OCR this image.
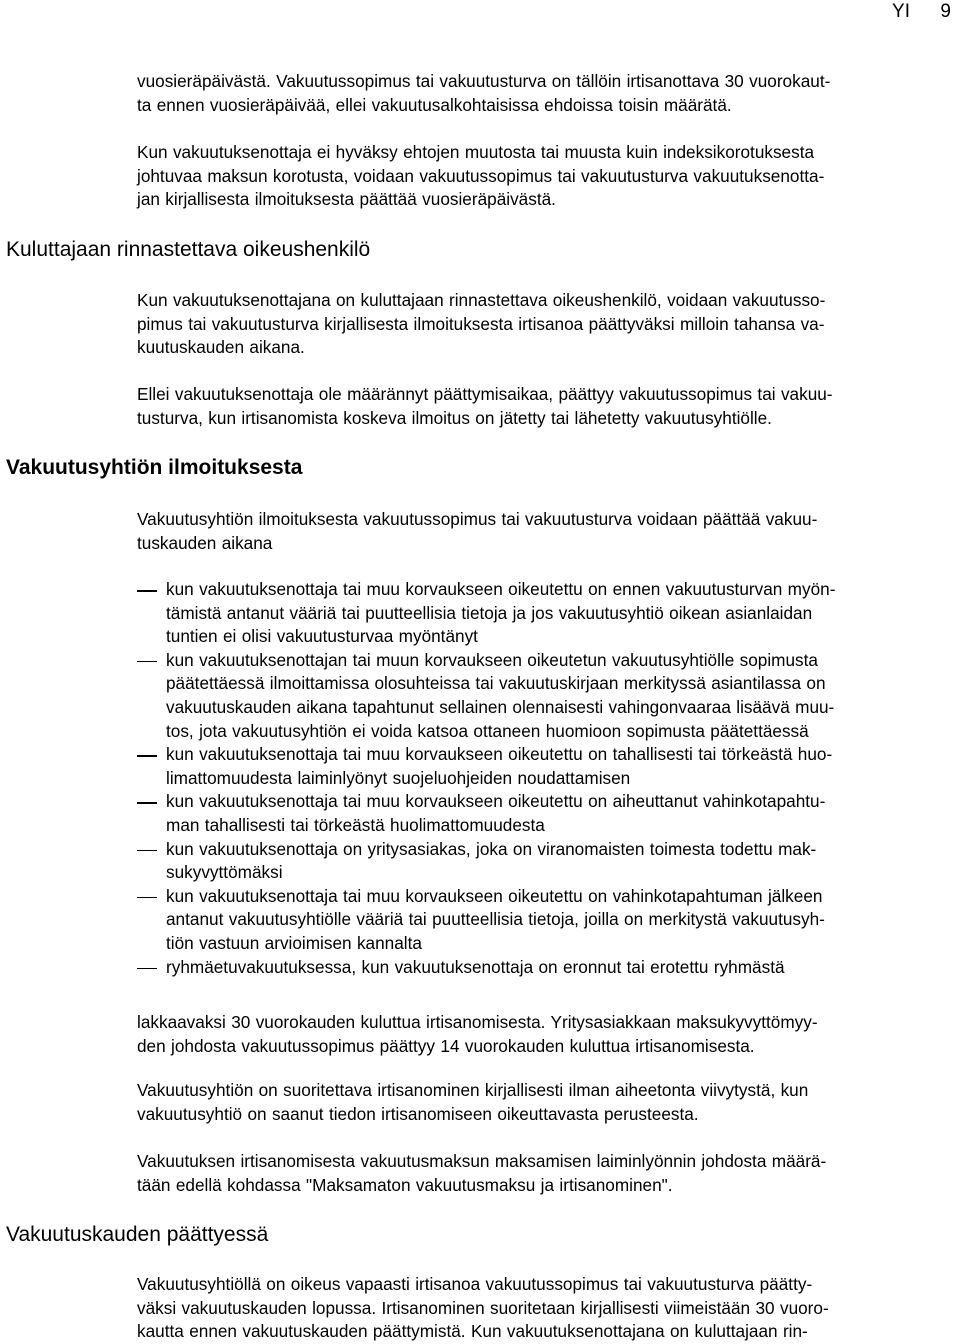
YI 9

vuosieräpäivästä. Vakuutussopimus tai vakuutusturva on tällöin irtisanottava 30 vuorokaut-
ta ennen vuosieräpäivää, ellei vakuutusalkohtaisissa ehdoissa toisin määrätä.

Kun vakuutuksenottaja ei hyväksy ehtojen muutosta tai muusta kuin indeksikorotuksesta
johtuvaa maksun korotusta, voidaan vakuutussopimus tai vakuutusturva vakuutuksenotta-
jan kirjallisesta ilmoituksesta päättää vuosieräpäivästä.

Kuluttajaan rinnastettava oikeushenkilö

Kun vakuutuksenottajana on kuluttajaan rinnastettava oikeushenkilö, voidaan vakuutusso-
pimus tai vakuutusturva kirjallisesta ilmoituksesta irtisanoa päättyväksi milloin tahansa va-
kuutuskauden aikana.

Ellei vakuutuksenottaja ole määrännyt päättymisaikaa, päättyy vakuutussopimus tai vakuu-
tusturva, kun irtisanomista koskeva ilmoitus on jätetty tai lähetetty vakuutusyhtiölle.

Vakuutusyhtiön ilmoituksesta

Vakuutusyhtiön ilmoituksesta vakuutussopimus tai vakuutusturva voidaan päättää vakuu-
tuskauden aikana

kun vakuutuksenottaja tai muu korvaukseen oikeutettu on ennen vakuutusturvan myön-
tämistä antanut vääriä tai puutteellisia tietoja ja jos vakuutusyhtiö oikean asianlaidan
tuntien ei olisi vakuutusturvaa myöntänyt
kun vakuutuksenottajan tai muun korvaukseen oikeutetun vakuutusyhtiölle sopimusta
päätettäessä ilmoittamissa olosuhteissa tai vakuutuskirjaan merkityssä asiantilassa on
vakuutuskauden aikana tapahtunut sellainen olennaisesti vahingonvaaraa lisäävä muu-
tos, jota vakuutusyhtiön ei voida katsoa ottaneen huomioon sopimusta päätettäessä
kun vakuutuksenottaja tai muu korvaukseen oikeutettu on tahallisesti tai törkeästä huo-
limattomuudesta laiminlyönyt suojeluohjeiden noudattamisen
kun vakuutuksenottaja tai muu korvaukseen oikeutettu on aiheuttanut vahinkotapahtu-
man tahallisesti tai törkeästä huolimattomuudesta
kun vakuutuksenottaja on yritysasiakas, joka on viranomaisten toimesta todettu mak-
sukyvyttömäksi
kun vakuutuksenottaja tai muu korvaukseen oikeutettu on vahinkotapahtuman jälkeen
antanut vakuutusyhtiölle vääriä tai puutteellisia tietoja, joilla on merkitystä vakuutusyh-
tiön vastuun arvioimisen kannalta
ryhmäetuvakuutuksessa, kun vakuutuksenottaja on eronnut tai erotettu ryhmästä

lakkaavaksi 30 vuorokauden kuluttua irtisanomisesta. Yritysasiakkaan maksukyvyttömyy-
den johdosta vakuutussopimus päättyy 14 vuorokauden kuluttua irtisanomisesta.

Vakuutusyhtiön on suoritettava irtisanominen kirjallisesti ilman aiheetonta viivytystä, kun
vakuutusyhtiö on saanut tiedon irtisanomiseen oikeuttavasta perusteesta.

Vakuutuksen irtisanomisesta vakuutusmaksun maksamisen laiminlyönnin johdosta määrä-
tään edellä kohdassa "Maksamaton vakuutusmaksu ja irtisanominen".

Vakuutuskauden päättyessä

Vakuutusyhtiöllä on oikeus vapaasti irtisanoa vakuutussopimus tai vakuutusturva päätty-
väksi vakuutuskauden lopussa. Irtisanominen suoritetaan kirjallisesti viimeistään 30 vuoro-
kautta ennen vakuutuskauden päättymistä. Kun vakuutuksenottajana on kuluttajaan rin-
